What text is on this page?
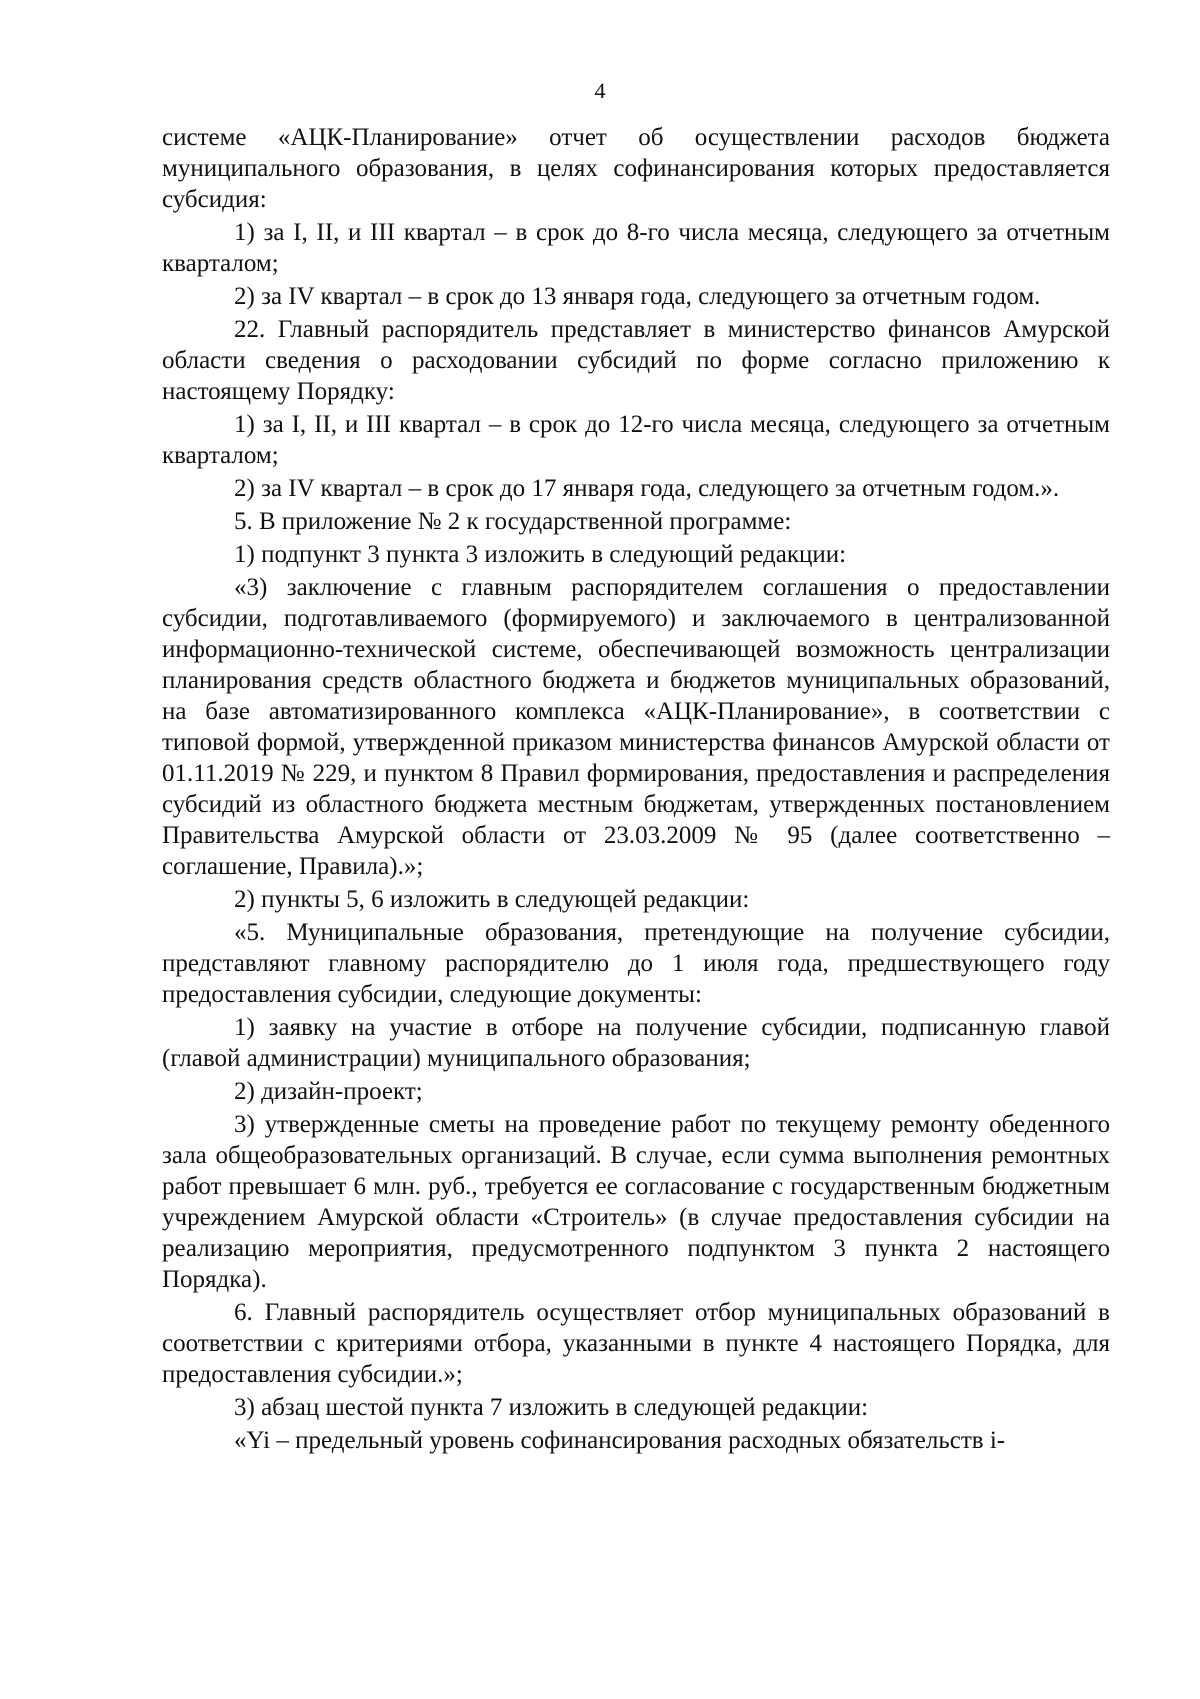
4

системе «АЦК-Планирование» отчет об осуществлении расходов бюджета муниципального образования, в целях софинансирования которых предоставляется субсидия:

1) за I, II, и III квартал – в срок до 8-го числа месяца, следующего за отчетным кварталом;

2) за IV квартал – в срок до 13 января года, следующего за отчетным годом.

22. Главный распорядитель представляет в министерство финансов Амурской области сведения о расходовании субсидий по форме согласно приложению к настоящему Порядку:

1) за I, II, и III квартал – в срок до 12-го числа месяца, следующего за отчетным кварталом;

2) за IV квартал – в срок до 17 января года, следующего за отчетным годом.».

5. В приложение № 2 к государственной программе:

1) подпункт 3 пункта 3 изложить в следующий редакции:

«3) заключение с главным распорядителем соглашения о предоставлении субсидии, подготавливаемого (формируемого) и заключаемого в централизованной информационно-технической системе, обеспечивающей возможность централизации планирования средств областного бюджета и бюджетов муниципальных образований, на базе автоматизированного комплекса «АЦК-Планирование», в соответствии с типовой формой, утвержденной приказом министерства финансов Амурской области от 01.11.2019 № 229, и пунктом 8 Правил формирования, предоставления и распределения субсидий из областного бюджета местным бюджетам, утвержденных постановлением Правительства Амурской области от 23.03.2009 № 95 (далее соответственно – соглашение, Правила).»;

2) пункты 5, 6 изложить в следующей редакции:

«5. Муниципальные образования, претендующие на получение субсидии, представляют главному распорядителю до 1 июля года, предшествующего году предоставления субсидии, следующие документы:

1) заявку на участие в отборе на получение субсидии, подписанную главой (главой администрации) муниципального образования;

2) дизайн-проект;

3) утвержденные сметы на проведение работ по текущему ремонту обеденного зала общеобразовательных организаций. В случае, если сумма выполнения ремонтных работ превышает 6 млн. руб., требуется ее согласование с государственным бюджетным учреждением Амурской области «Строитель» (в случае предоставления субсидии на реализацию мероприятия, предусмотренного подпунктом 3 пункта 2 настоящего Порядка).

6. Главный распорядитель осуществляет отбор муниципальных образований в соответствии с критериями отбора, указанными в пункте 4 настоящего Порядка, для предоставления субсидии.»;

3) абзац шестой пункта 7 изложить в следующей редакции:

«Yi – предельный уровень софинансирования расходных обязательств i-
